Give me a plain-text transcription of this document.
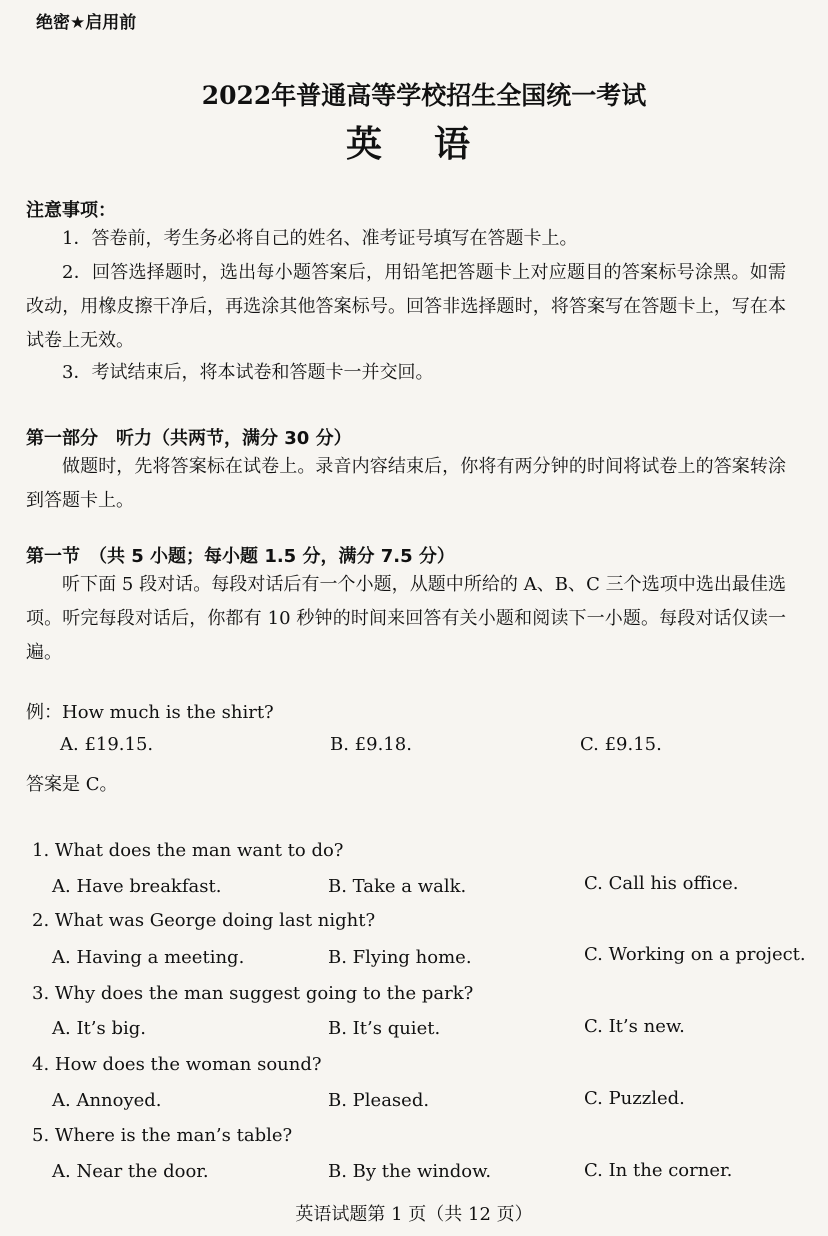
绝密★启用前
2022年普通高等学校招生全国统一考试
英语
注意事项：
1．答卷前，考生务必将自己的姓名、准考证号填写在答题卡上。
2．回答选择题时，选出每小题答案后，用铅笔把答题卡上对应题目的答案标号涂黑。如需改动，用橡皮擦干净后，再选涂其他答案标号。回答非选择题时，将答案写在答题卡上，写在本试卷上无效。
3．考试结束后，将本试卷和答题卡一并交回。
第一部分　听力（共两节，满分 30 分）
做题时，先将答案标在试卷上。录音内容结束后，你将有两分钟的时间将试卷上的答案转涂到答题卡上。
第一节　（共 5 小题；每小题 1.5 分，满分 7.5 分）
听下面 5 段对话。每段对话后有一个小题，从题中所给的 A、B、C 三个选项中选出最佳选项。听完每段对话后，你都有 10 秒钟的时间来回答有关小题和阅读下一小题。每段对话仅读一遍。
例：How much is the shirt?
A. £19.15.	B. £9.18.	C. £9.15.
答案是 C。
1. What does the man want to do?
A. Have breakfast.	B. Take a walk.	C. Call his office.
2. What was George doing last night?
A. Having a meeting.	B. Flying home.	C. Working on a project.
3. Why does the man suggest going to the park?
A. It’s big.	B. It’s quiet.	C. It’s new.
4. How does the woman sound?
A. Annoyed.	B. Pleased.	C. Puzzled.
5. Where is the man’s table?
A. Near the door.	B. By the window.	C. In the corner.
英语试题第 1 页（共 12 页）
